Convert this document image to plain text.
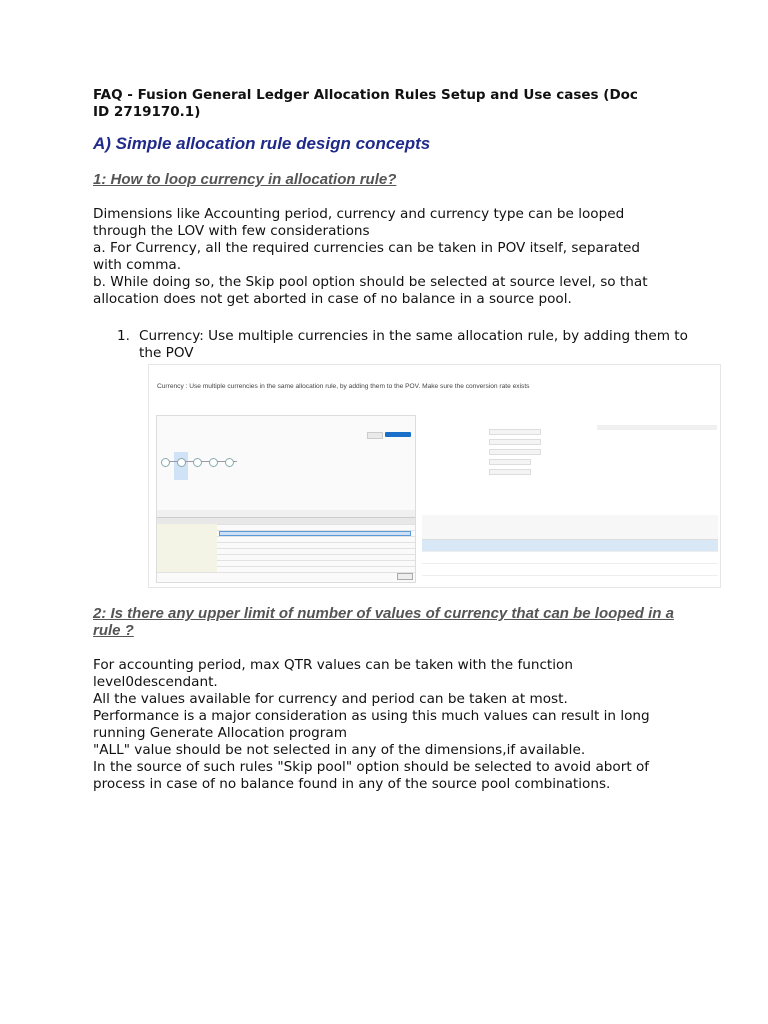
FAQ - Fusion General Ledger Allocation Rules Setup and Use cases (Doc ID 2719170.1)
A) Simple allocation rule design concepts
1: How to loop currency in allocation rule?
Dimensions like Accounting period, currency and currency type can be looped
through the LOV with few considerations
a. For Currency, all the required currencies can be taken in POV itself, separated
with comma.
b. While doing so, the Skip pool option should be selected at source level, so that
allocation does not get aborted in case of no balance in a source pool.
1. Currency: Use multiple currencies in the same allocation rule, by adding them to the POV
Currency : Use multiple currencies in the same allocation rule, by adding them to the POV. Make sure the conversion rate exists
2: Is there any upper limit of number of values of currency that can be looped in a rule ?
For accounting period, max QTR values can be taken with the function
level0descendant.
All the values available for currency and period can be taken at most.
Performance is a major consideration as using this much values can result in long
running Generate Allocation program
"ALL" value should be not selected in any of the dimensions,if available.
In the source of such rules "Skip pool" option should be selected to avoid abort of
process in case of no balance found in any of the source pool combinations.
